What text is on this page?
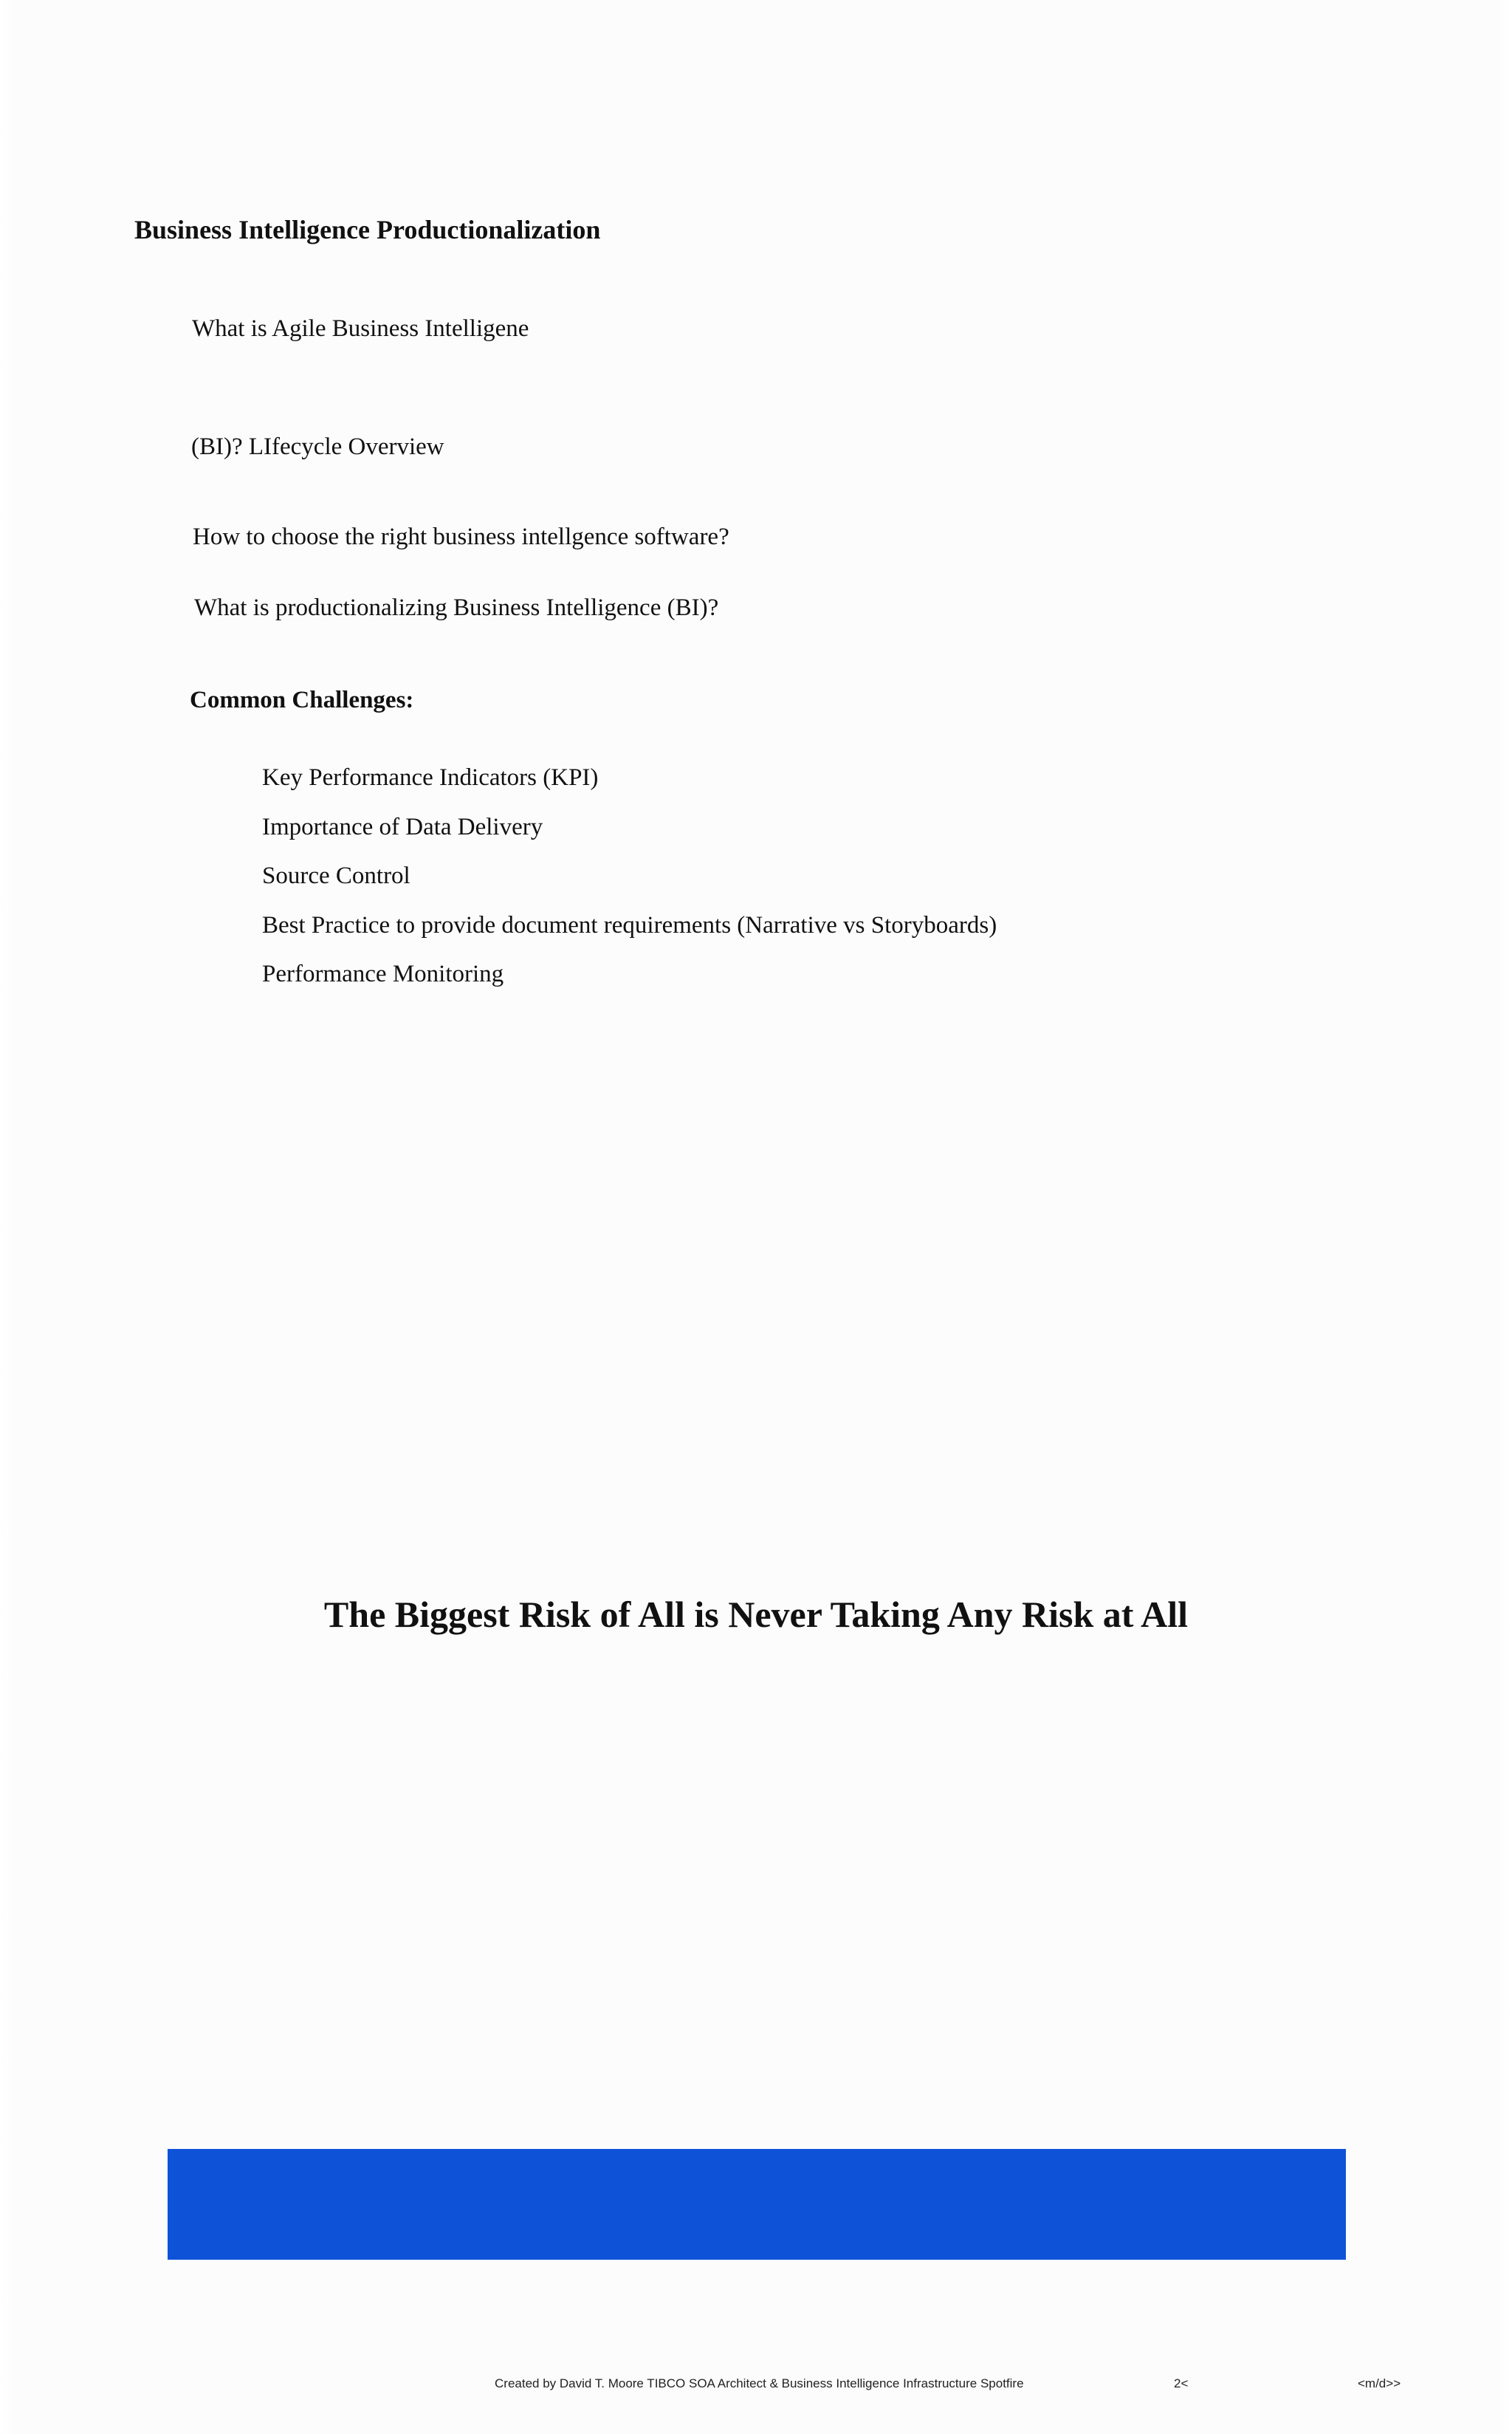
Business Intelligence Productionalization

What is Agile Business Intelligene

(BI)? LIfecycle Overview

How to choose the right business intellgence software?

What is productionalizing Business Intelligence (BI)?

Common Challenges:
Key Performance Indicators (KPI)
Importance of Data Delivery
Source Control
Best Practice to provide document requirements (Narrative vs Storyboards)
Performance Monitoring

The Biggest Risk of All is Never Taking Any Risk at All

Created by David T. Moore TIBCO SOA Architect & Business Intelligence Infrastructure Spotfire	2<	<m/d>>
